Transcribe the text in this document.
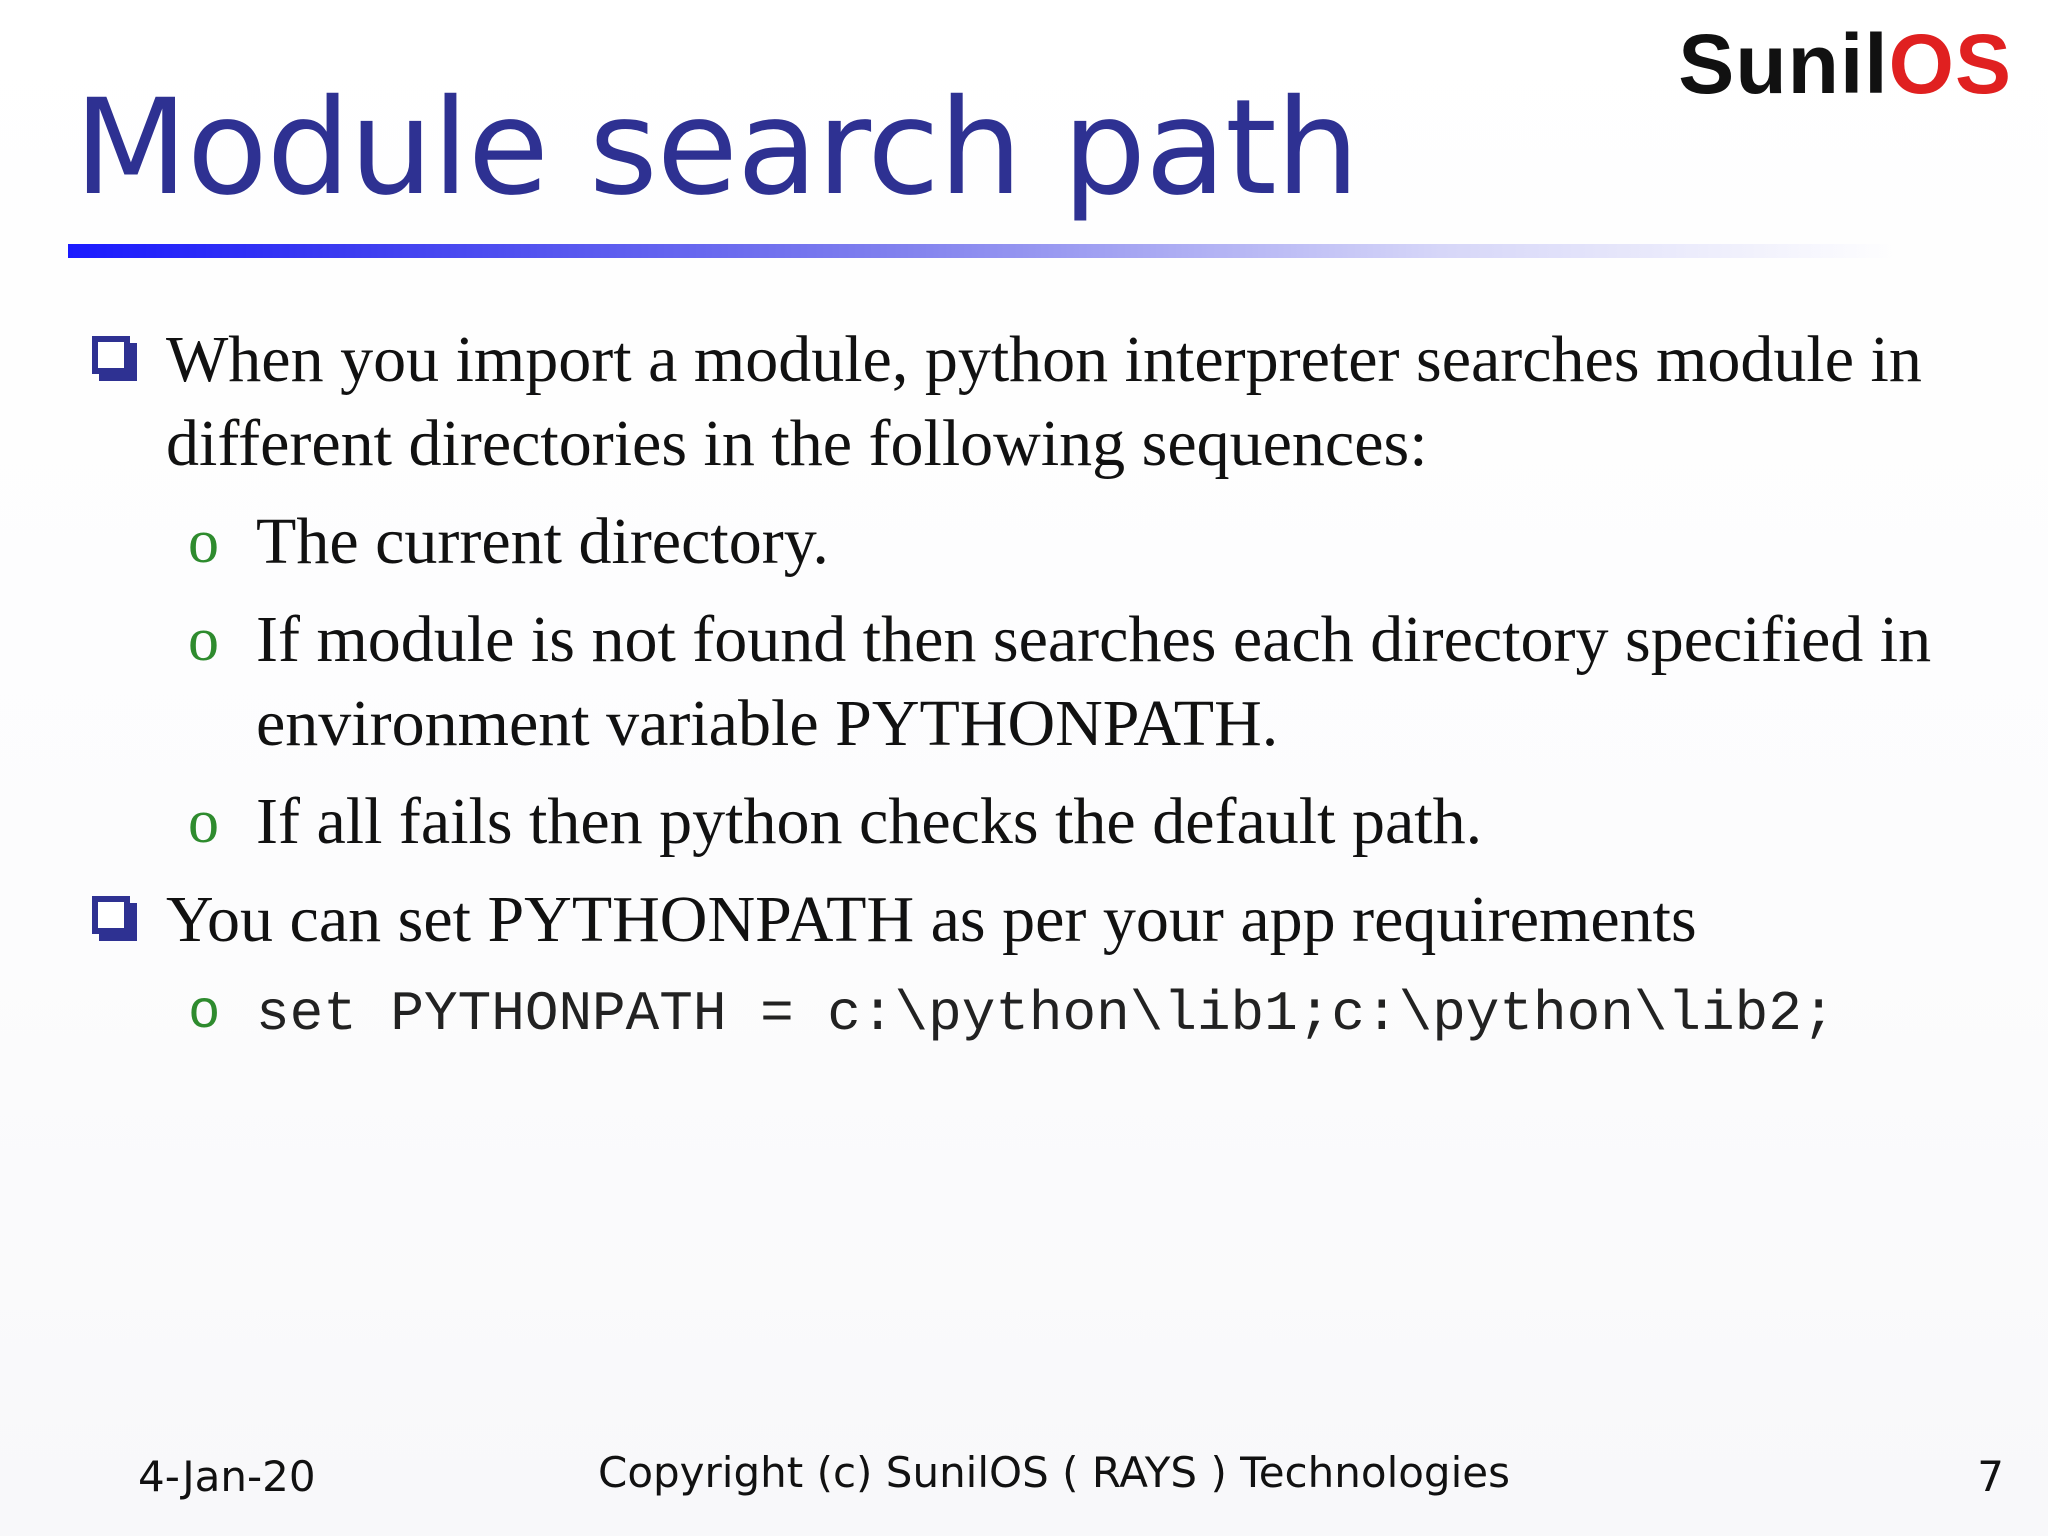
SunilOS
Module search path
When you import a module, python interpreter searches module in different directories in the following sequences:
o The current directory.
o If module is not found then searches each directory specified in environment variable PYTHONPATH.
o If all fails then python checks the default path.
You can set PYTHONPATH as per your app requirements
o set PYTHONPATH = c:\python\lib1;c:\python\lib2;
4-Jan-20	Copyright (c) SunilOS ( RAYS ) Technologies	7
